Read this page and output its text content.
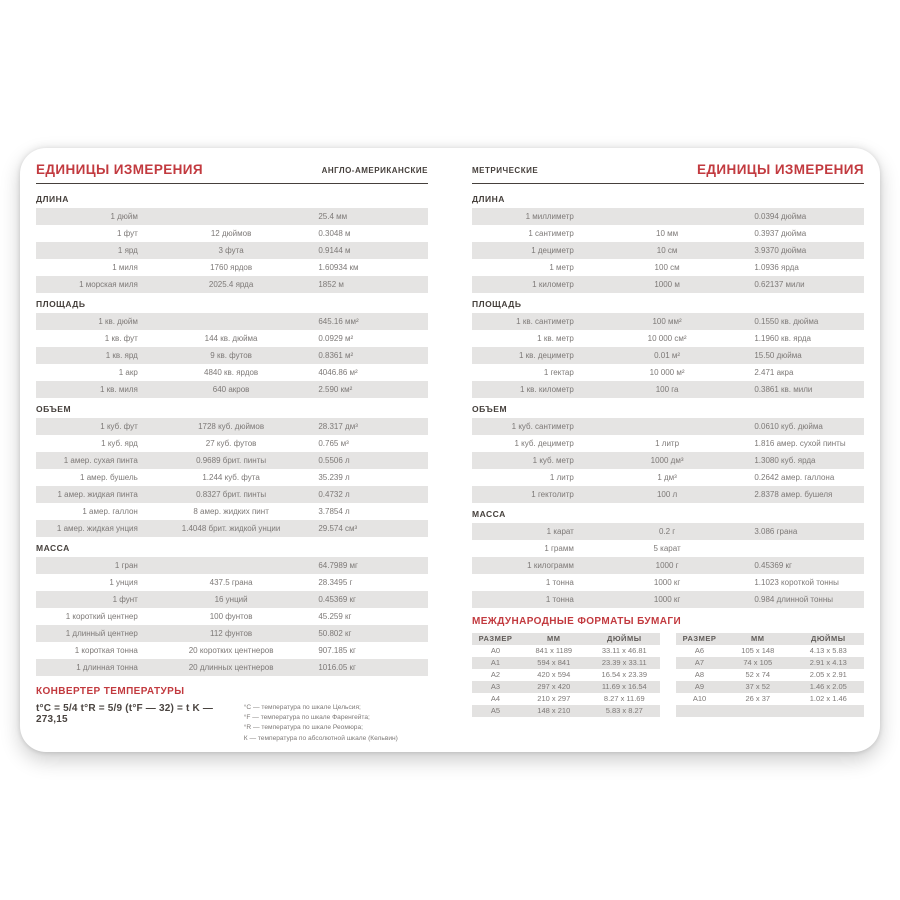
ЕДИНИЦЫ ИЗМЕРЕНИЯ	АНГЛО-АМЕРИКАНСКИЕ
ДЛИНА
1 дюйм		25.4 мм
1 фут	12 дюймов	0.3048 м
1 ярд	3 фута	0.9144 м
1 миля	1760 ярдов	1.60934 км
1 морская миля	2025.4 ярда	1852 м
ПЛОЩАДЬ
1 кв. дюйм		645.16 мм²
1 кв. фут	144 кв. дюйма	0.0929 м²
1 кв. ярд	9 кв. футов	0.8361 м²
1 акр	4840 кв. ярдов	4046.86 м²
1 кв. миля	640 акров	2.590 км²
ОБЪЕМ
1 куб. фут	1728 куб. дюймов	28.317 дм³
1 куб. ярд	27 куб. футов	0.765 м³
1 амер. сухая пинта	0.9689 брит. пинты	0.5506 л
1 амер. бушель	1.244 куб. фута	35.239 л
1 амер. жидкая пинта	0.8327 брит. пинты	0.4732 л
1 амер. галлон	8 амер. жидких пинт	3.7854 л
1 амер. жидкая унция	1.4048 брит. жидкой унции	29.574 см³
МАССА
1 гран		64.7989 мг
1 унция	437.5 грана	28.3495 г
1 фунт	16 унций	0.45369 кг
1 короткий центнер	100 фунтов	45.259 кг
1 длинный центнер	112 фунтов	50.802 кг
1 короткая тонна	20 коротких центнеров	907.185 кг
1 длинная тонна	20 длинных центнеров	1016.05 кг
КОНВЕРТЕР ТЕМПЕРАТУРЫ
t°C = 5/4 t°R = 5/9 (t°F — 32) = t K — 273,15
°C — температура по шкале Цельсия;
°F — температура по шкале Фаренгейта;
°R — температура по шкале Реомюра;
К — температура по абсолютной шкале (Кельвин)
МЕТРИЧЕСКИЕ	ЕДИНИЦЫ ИЗМЕРЕНИЯ
ДЛИНА
1 миллиметр		0.0394 дюйма
1 сантиметр	10 мм	0.3937 дюйма
1 дециметр	10 см	3.9370 дюйма
1 метр	100 см	1.0936 ярда
1 километр	1000 м	0.62137 мили
ПЛОЩАДЬ
1 кв. сантиметр	100 мм²	0.1550 кв. дюйма
1 кв. метр	10 000 см²	1.1960 кв. ярда
1 кв. дециметр	0.01 м²	15.50 дюйма
1 гектар	10 000 м²	2.471 акра
1 кв. километр	100 га	0.3861 кв. мили
ОБЪЕМ
1 куб. сантиметр		0.0610 куб. дюйма
1 куб. дециметр	1 литр	1.816 амер. сухой пинты
1 куб. метр	1000 дм³	1.3080 куб. ярда
1 литр	1 дм³	0.2642 амер. галлона
1 гектолитр	100 л	2.8378 амер. бушеля
МАССА
1 карат	0.2 г	3.086 грана
1 грамм	5 карат	
1 килограмм	1000 г	0.45369 кг
1 тонна	1000 кг	1.1023 короткой тонны
1 тонна	1000 кг	0.984 длинной тонны
МЕЖДУНАРОДНЫЕ ФОРМАТЫ БУМАГИ
РАЗМЕР	ММ	ДЮЙМЫ
A0	841 x 1189	33.11 x 46.81
A1	594 x 841	23.39 x 33.11
A2	420 x 594	16.54 x 23.39
A3	297 x 420	11.69 x 16.54
A4	210 x 297	8.27 x 11.69
A5	148 x 210	5.83 x 8.27
РАЗМЕР	ММ	ДЮЙМЫ
A6	105 x 148	4.13 x 5.83
A7	74 x 105	2.91 x 4.13
A8	52 x 74	2.05 x 2.91
A9	37 x 52	1.46 x 2.05
A10	26 x 37	1.02 x 1.46
